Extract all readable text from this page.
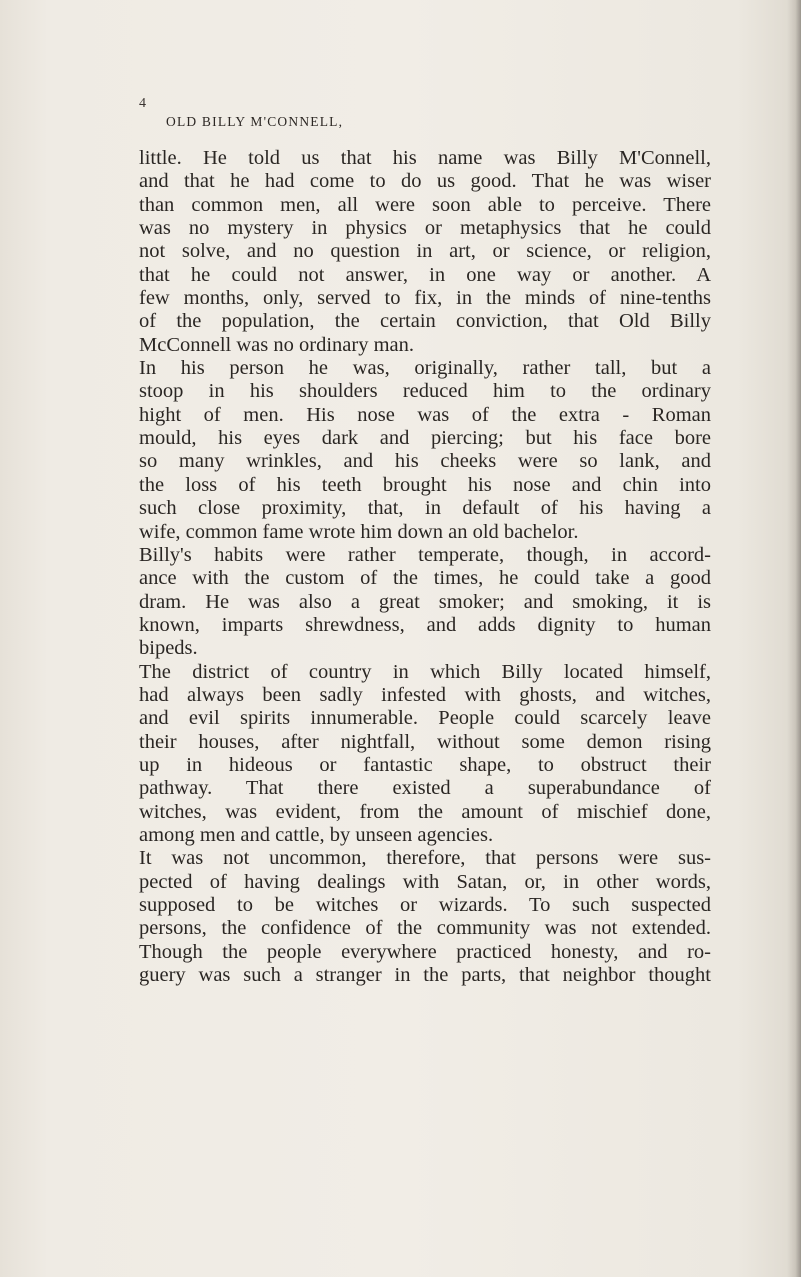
4
OLD BILLY M'CONNELL,
little. He told us that his name was Billy M'Connell,
and that he had come to do us good. That he was wiser
than common men, all were soon able to perceive. There
was no mystery in physics or metaphysics that he could
not solve, and no question in art, or science, or religion,
that he could not answer, in one way or another. A
few months, only, served to fix, in the minds of nine-tenths
of the population, the certain conviction, that Old Billy
McConnell was no ordinary man.
In his person he was, originally, rather tall, but a
stoop in his shoulders reduced him to the ordinary
hight of men. His nose was of the extra - Roman
mould, his eyes dark and piercing; but his face bore
so many wrinkles, and his cheeks were so lank, and
the loss of his teeth brought his nose and chin into
such close proximity, that, in default of his having a
wife, common fame wrote him down an old bachelor.
Billy's habits were rather temperate, though, in accord-
ance with the custom of the times, he could take a good
dram. He was also a great smoker; and smoking, it is
known, imparts shrewdness, and adds dignity to human
bipeds.
The district of country in which Billy located himself,
had always been sadly infested with ghosts, and witches,
and evil spirits innumerable. People could scarcely leave
their houses, after nightfall, without some demon rising
up in hideous or fantastic shape, to obstruct their
pathway. That there existed a superabundance of
witches, was evident, from the amount of mischief done,
among men and cattle, by unseen agencies.
It was not uncommon, therefore, that persons were sus-
pected of having dealings with Satan, or, in other words,
supposed to be witches or wizards. To such suspected
persons, the confidence of the community was not extended.
Though the people everywhere practiced honesty, and ro-
guery was such a stranger in the parts, that neighbor thought
